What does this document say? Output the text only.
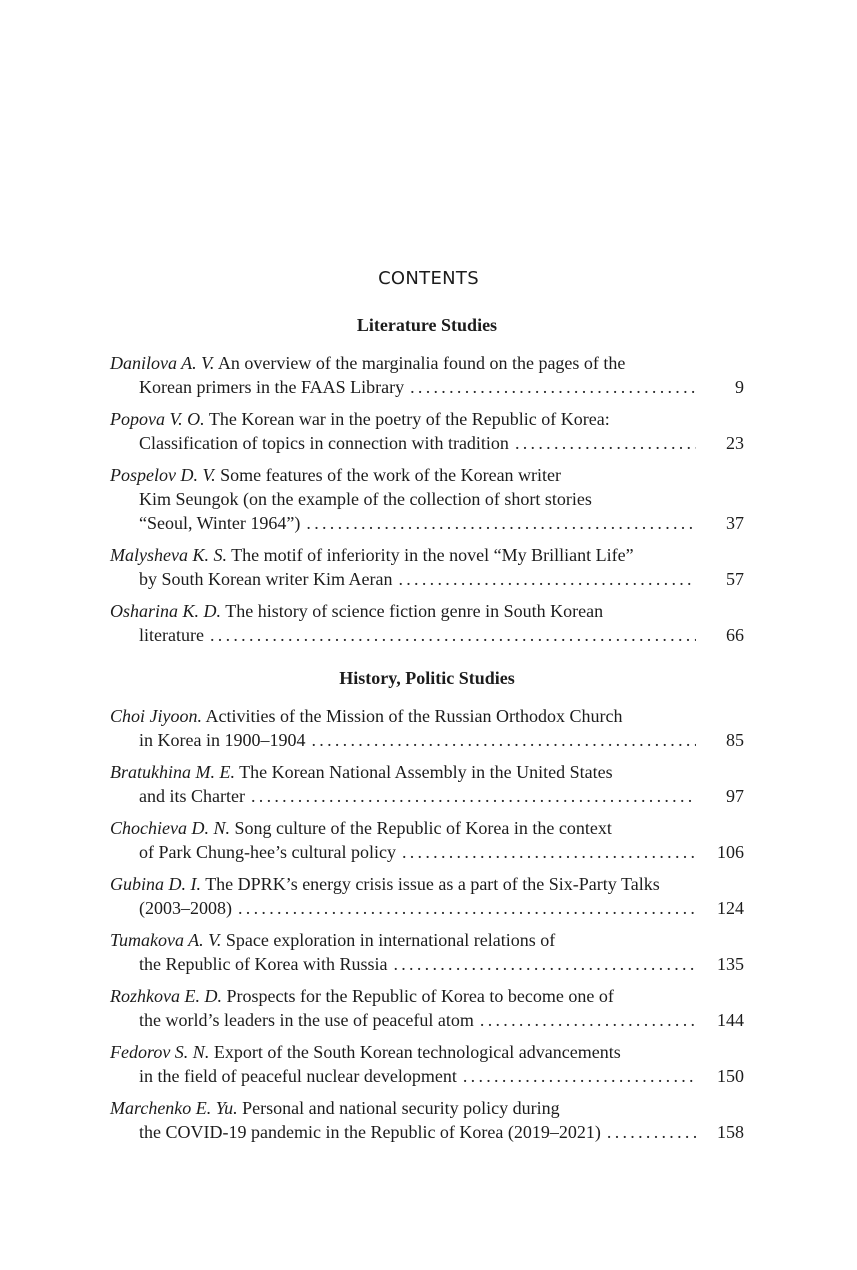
CONTENTS
Literature Studies
Danilova A. V. An overview of the marginalia found on the pages of the
Korean primers in the FAAS Library . . .	9
Popova V. O. The Korean war in the poetry of the Republic of Korea:
Classification of topics in connection with tradition . . .	23
Pospelov D. V. Some features of the work of the Korean writer
Kim Seungok (on the example of the collection of short stories
“Seoul, Winter 1964”) . . .	37
Malysheva K. S. The motif of inferiority in the novel “My Brilliant Life”
by South Korean writer Kim Aeran . . .	57
Osharina K. D. The history of science fiction genre in South Korean
literature . . .	66
History, Politic Studies
Choi Jiyoon. Activities of the Mission of the Russian Orthodox Church
in Korea in 1900–1904 . . .	85
Bratukhina M. E. The Korean National Assembly in the United States
and its Charter . . .	97
Chochieva D. N. Song culture of the Republic of Korea in the context
of Park Chung-hee’s cultural policy . . .	106
Gubina D. I. The DPRK’s energy crisis issue as a part of the Six-Party Talks
(2003–2008) . . .	124
Tumakova A. V. Space exploration in international relations of
the Republic of Korea with Russia . . .	135
Rozhkova E. D. Prospects for the Republic of Korea to become one of
the world’s leaders in the use of peaceful atom . . .	144
Fedorov S. N. Export of the South Korean technological advancements
in the field of peaceful nuclear development . . .	150
Marchenko E. Yu. Personal and national security policy during
the COVID-19 pandemic in the Republic of Korea (2019–2021) . . .	158
